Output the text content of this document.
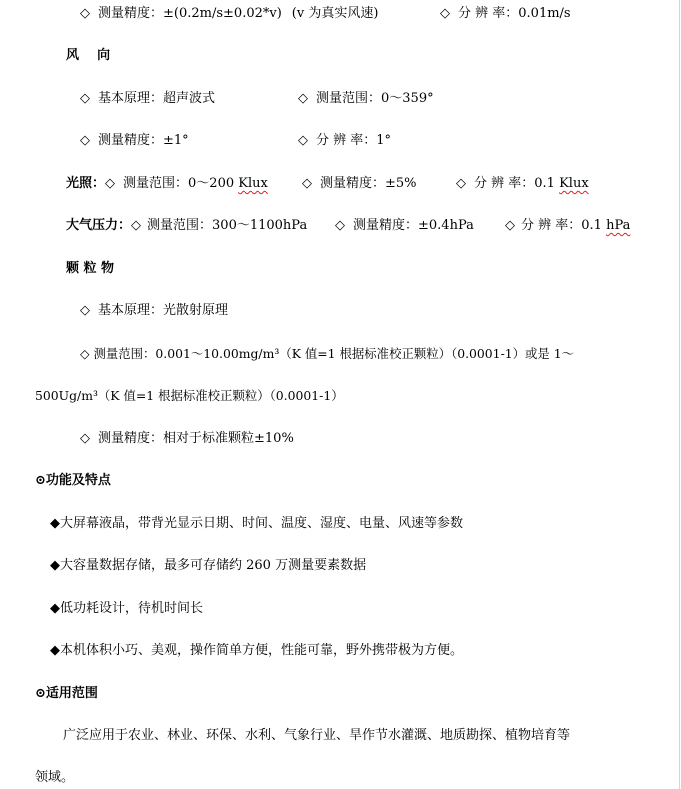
◇ 测量精度：±(0.2m/s±0.02*v) (v 为真实风速)	◇ 分 辨 率：0.01m/s
风    向
◇ 基本原理：超声波式	◇ 测量范围：0～359°
◇ 测量精度：±1°	◇ 分 辨 率：1°
光照：◇ 测量范围：0～200 Klux	◇ 测量精度：±5%	◇ 分 辨 率：0.1 Klux
大气压力：◇ 测量范围：300～1100hPa ◇ 测量精度：±0.4hPa ◇ 分 辨 率：0.1 hPa
颗 粒 物
◇ 基本原理：光散射原理
◇ 测量范围：0.001～10.00mg/m³（K 值=1 根据标准校正颗粒）（0.0001-1）或是 1～
500Ug/m³（K 值=1 根据标准校正颗粒）（0.0001-1）
◇ 测量精度：相对于标准颗粒±10%
⊙功能及特点
◆大屏幕液晶，带背光显示日期、时间、温度、湿度、电量、风速等参数
◆大容量数据存储，最多可存储约 260 万测量要素数据
◆低功耗设计，待机时间长
◆本机体积小巧、美观，操作简单方便，性能可靠，野外携带极为方便。
⊙适用范围
广泛应用于农业、林业、环保、水利、气象行业、旱作节水灌溉、地质勘探、植物培育等
领域。
